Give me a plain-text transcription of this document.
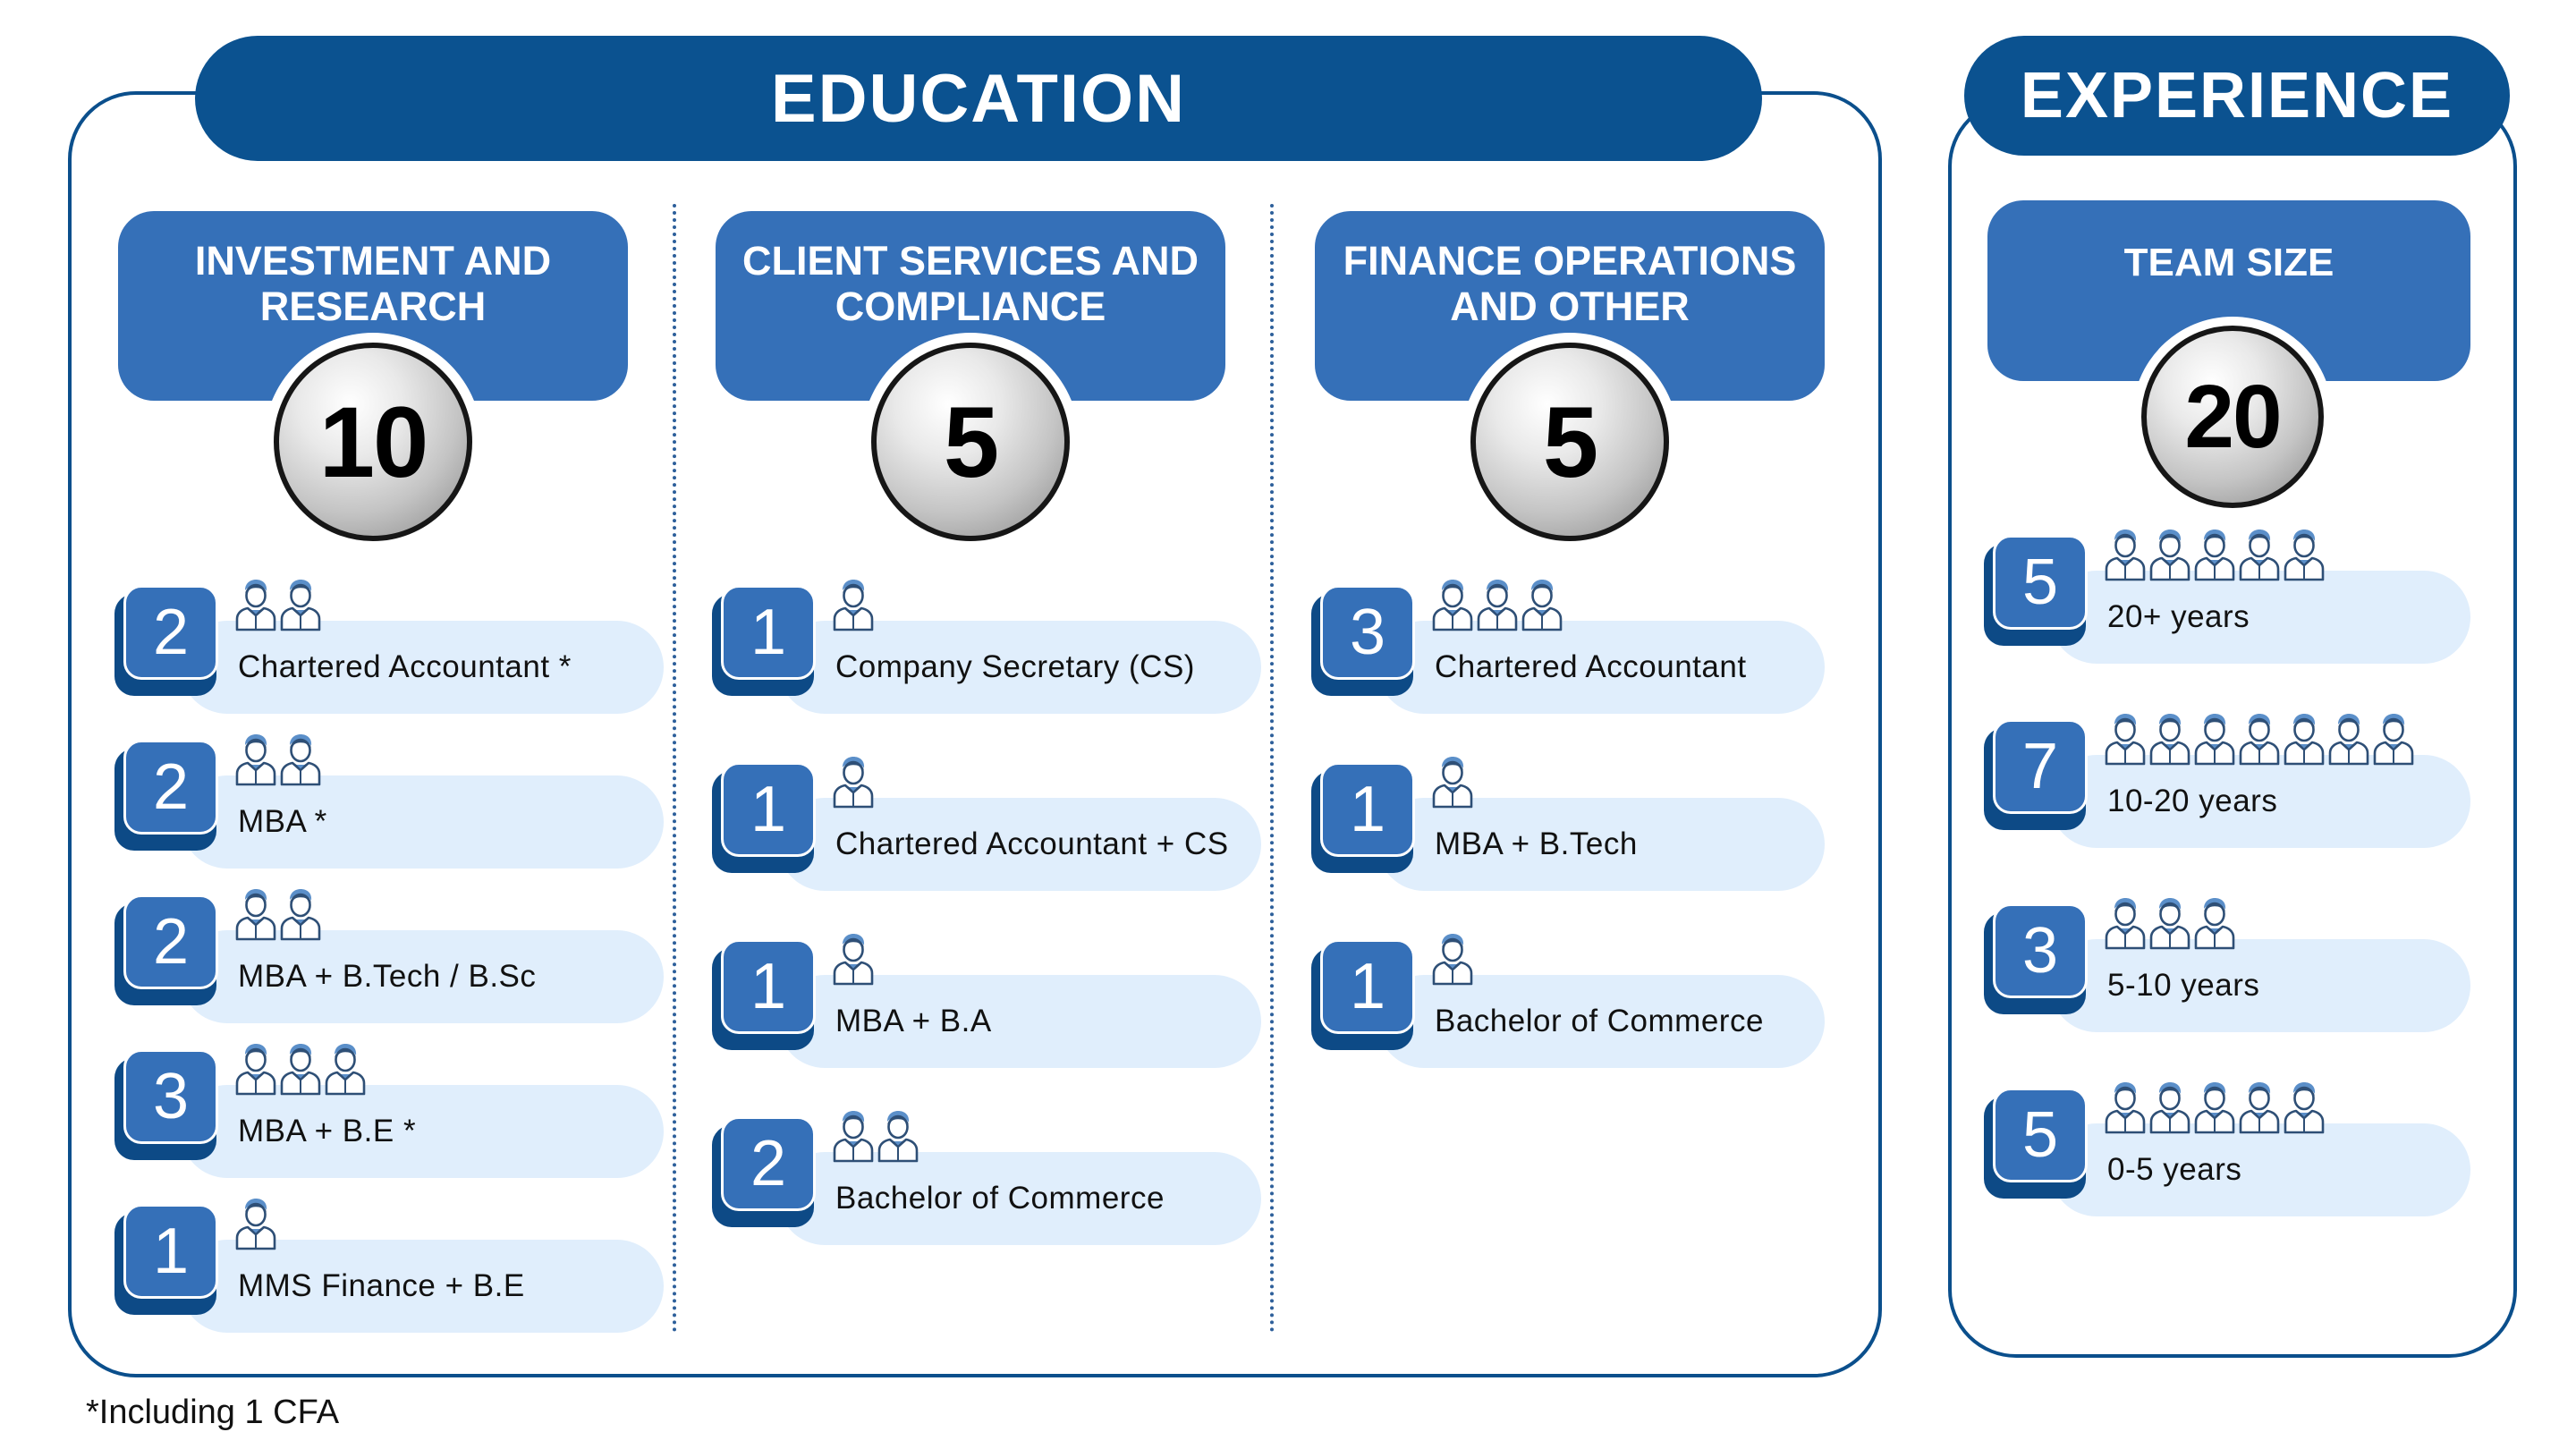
EDUCATION
INVESTMENT AND
RESEARCH
10
2	Chartered Accountant *
2	MBA *
2	MBA + B.Tech / B.Sc
3	MBA + B.E *
1	MMS Finance + B.E
CLIENT SERVICES AND
COMPLIANCE
5
1	Company Secretary (CS)
1	Chartered Accountant + CS
1	MBA + B.A
2	Bachelor of Commerce
FINANCE OPERATIONS
AND OTHER
5
3	Chartered Accountant
1	MBA + B.Tech
1	Bachelor of Commerce
*Including 1 CFA
EXPERIENCE
TEAM SIZE
20
5	20+ years
7	10-20 years
3	5-10 years
5	0-5 years
